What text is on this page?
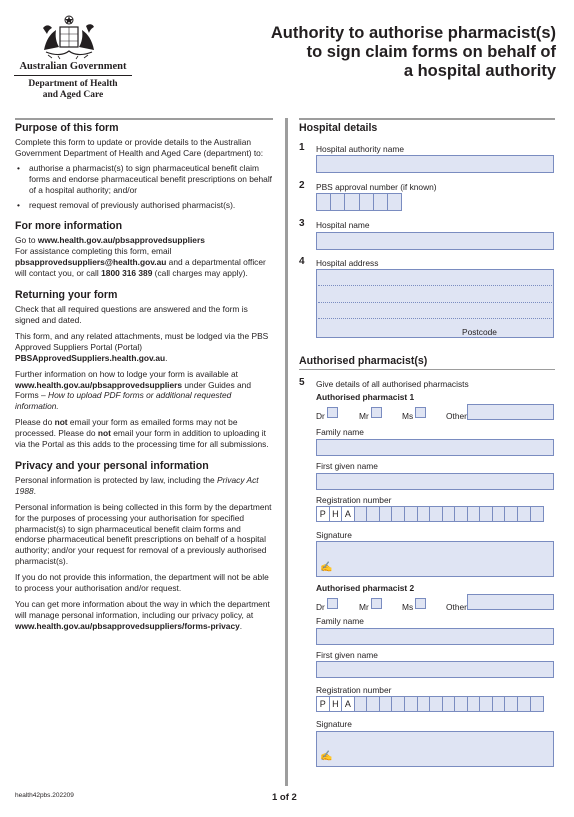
Australian Government
Department of Health
and Aged Care
Authority to authorise pharmacist(s)
to sign claim forms on behalf of
a hospital authority
Purpose of this form

Complete this form to update or provide details to the Australian Government Department of Health and Aged Care (department) to:

• authorise a pharmacist(s) to sign pharmaceutical benefit claim forms and endorse pharmaceutical benefit prescriptions on behalf of a hospital authority; and/or
• request removal of previously authorised pharmacist(s).
For more information

Go to www.health.gov.au/pbsapprovedsuppliers
For assistance completing this form, email
pbsapprovedsuppliers@health.gov.au and a departmental officer will contact you, or call 1800 316 389 (call charges may apply).

Returning your form

Check that all required questions are answered and the form is signed and dated.

This form, and any related attachments, must be lodged via the PBS Approved Suppliers Portal (Portal)
PBSApprovedSuppliers.health.gov.au.

Further information on how to lodge your form is available at
www.health.gov.au/pbsapprovedsuppliers under Guides and Forms – How to upload PDF forms or additional requested information.

Please do not email your form as emailed forms may not be processed. Please do not email your form in addition to uploading it via the Portal as this adds to the processing time for all submissions.

Privacy and your personal information

Personal information is protected by law, including the Privacy Act 1988.

Personal information is being collected in this form by the department for the purposes of processing your authorisation for specified pharmacist(s) to sign pharmaceutical benefit claim forms and endorse pharmaceutical benefit prescriptions on behalf of a hospital authority; and/or your request for removal of a previously authorised pharmacist(s).

If you do not provide this information, the department will not be able to process your authorisation and/or request.

You can get more information about the way in which the department will manage personal information, including our privacy policy, at
www.health.gov.au/pbsapprovedsuppliers/forms-privacy.

Hospital details
1 Hospital authority name
2 PBS approval number (if known)
3 Hospital name
4 Hospital address
Postcode
Authorised pharmacist(s)
5 Give details of all authorised pharmacists
Authorised pharmacist 1
Dr	Mr	Ms	Other
Family name
First given name
Registration number
P H A
Signature
✍
Authorised pharmacist 2
Dr	Mr	Ms	Other
Family name
First given name
Registration number
P H A
Signature
✍
health42pbs.202209	1 of 2
